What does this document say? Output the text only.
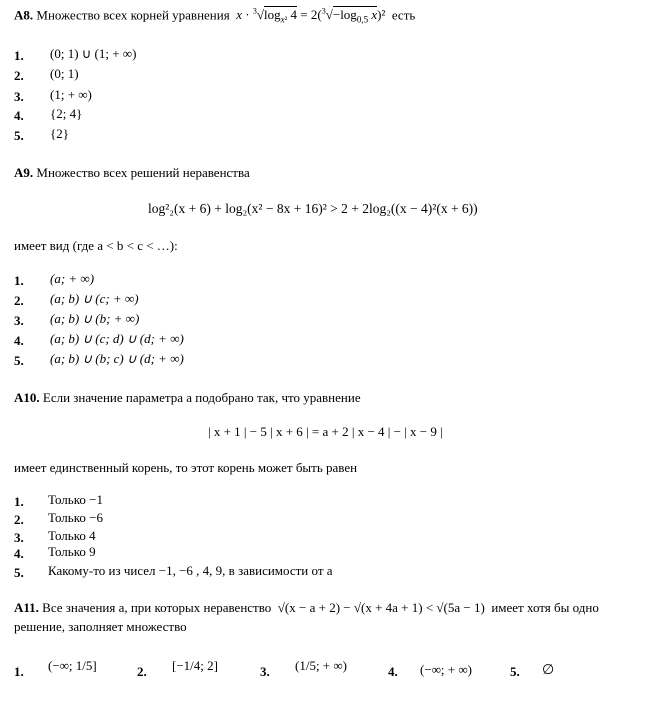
A8. Множество всех корней уравнения $x \cdot ^3√\log_{x^2}$ $4 = 2(^3√-\log_{0,5}$ x)² есть
1. (0; 1) ∪ (1; + ∞)
2. (0; 1)
3. (1; + ∞)
4. {2; 4}
5. {2}
A9. Множество всех решений неравенства
log²₂(x + 6) + log₂(x² − 8x + 16)² > 2 + 2log₂((x − 4)²(x + 6))
имеет вид (где a < b < c < …):
1. (a; + ∞)
2. (a; b) ∪ (c; + ∞)
3. (a; b) ∪ (b; + ∞)
4. (a; b) ∪ (c; d) ∪ (d; + ∞)
5. (a; b) ∪ (b; c) ∪ (d; + ∞)
A10. Если значение параметра a подобрано так, что уравнение
| x + 1 | − 5 | x + 6 | = a + 2 | x − 4 | − | x − 9 |
имеет единственный корень, то этот корень может быть равен
1. Только −1
2. Только −6
3. Только 4
4. Только 9
5. Какому-то из чисел −1, −6 , 4, 9, в зависимости от a
A11. Все значения a, при которых неравенство √(x − a + 2) − √(x + 4a + 1) < √(5a − 1) имеет хотя бы одно
решение, заполняет множество
1. (−∞; 1/5]	2. [−1/4; 2]	3. (1/5; + ∞)	4. (−∞; + ∞)	5. ∅
